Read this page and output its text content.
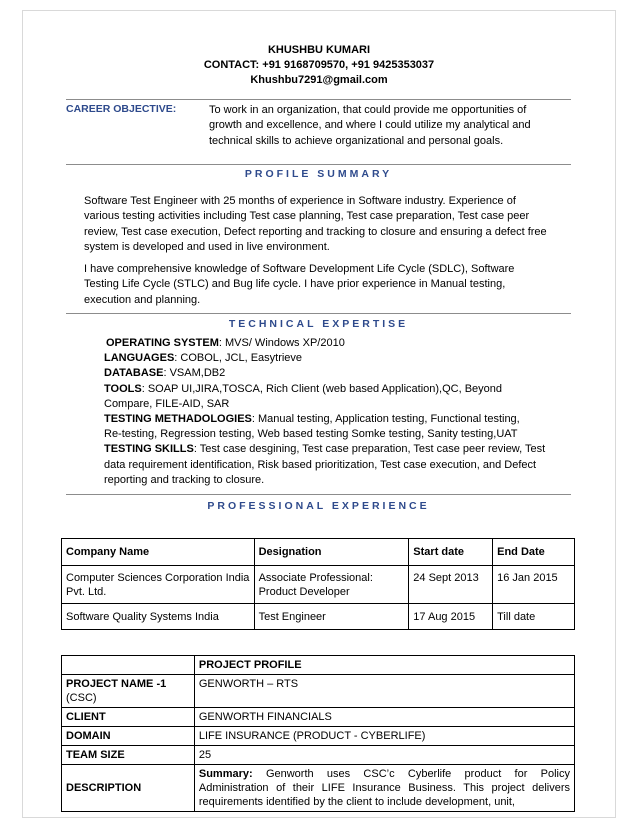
KHUSHBU KUMARI
CONTACT: +91 9168709570, +91 9425353037
Khushbu7291@gmail.com
CAREER OBJECTIVE:	To work in an organization, that could provide me opportunities of
growth and excellence, and where I could utilize my analytical and
technical skills to achieve organizational and personal goals.
PROFILE SUMMARY
Software Test Engineer with 25 months of experience in Software industry. Experience of
various testing activities including Test case planning, Test case preparation, Test case peer
review, Test case execution, Defect reporting and tracking to closure and ensuring a defect free
system is developed and used in live environment.
I have comprehensive knowledge of Software Development Life Cycle (SDLC), Software
Testing Life Cycle (STLC) and Bug life cycle. I have prior experience in Manual testing,
execution and planning.
TECHNICAL EXPERTISE
OPERATING SYSTEM: MVS/ Windows XP/2010
LANGUAGES: COBOL, JCL, Easytrieve
DATABASE: VSAM,DB2
TOOLS: SOAP UI,JIRA,TOSCA, Rich Client (web based Application),QC, Beyond
Compare, FILE-AID, SAR
TESTING METHADOLOGIES: Manual testing, Application testing, Functional testing,
Re-testing, Regression testing, Web based testing Somke testing, Sanity testing,UAT
TESTING SKILLS: Test case desgining, Test case preparation, Test case peer review, Test
data requirement identification, Risk based prioritization, Test case execution, and Defect
reporting and tracking to closure.
PROFESSIONAL EXPERIENCE
Company Name	Designation	Start date	End Date
Computer Sciences Corporation India Pvt. Ltd.	Associate Professional: Product Developer	24 Sept 2013	16 Jan 2015
Software Quality Systems India	Test Engineer	17 Aug 2015	Till date
	PROJECT PROFILE

PROJECT NAME -1
(CSC)	GENWORTH – RTS
CLIENT	GENWORTH FINANCIALS
DOMAIN	LIFE INSURANCE (PRODUCT - CYBERLIFE)
TEAM SIZE	25
DESCRIPTION	Summary: Genworth uses CSC’c Cyberlife product for Policy Administration of their LIFE Insurance Business. This project delivers requirements identified by the client to include development, unit,
